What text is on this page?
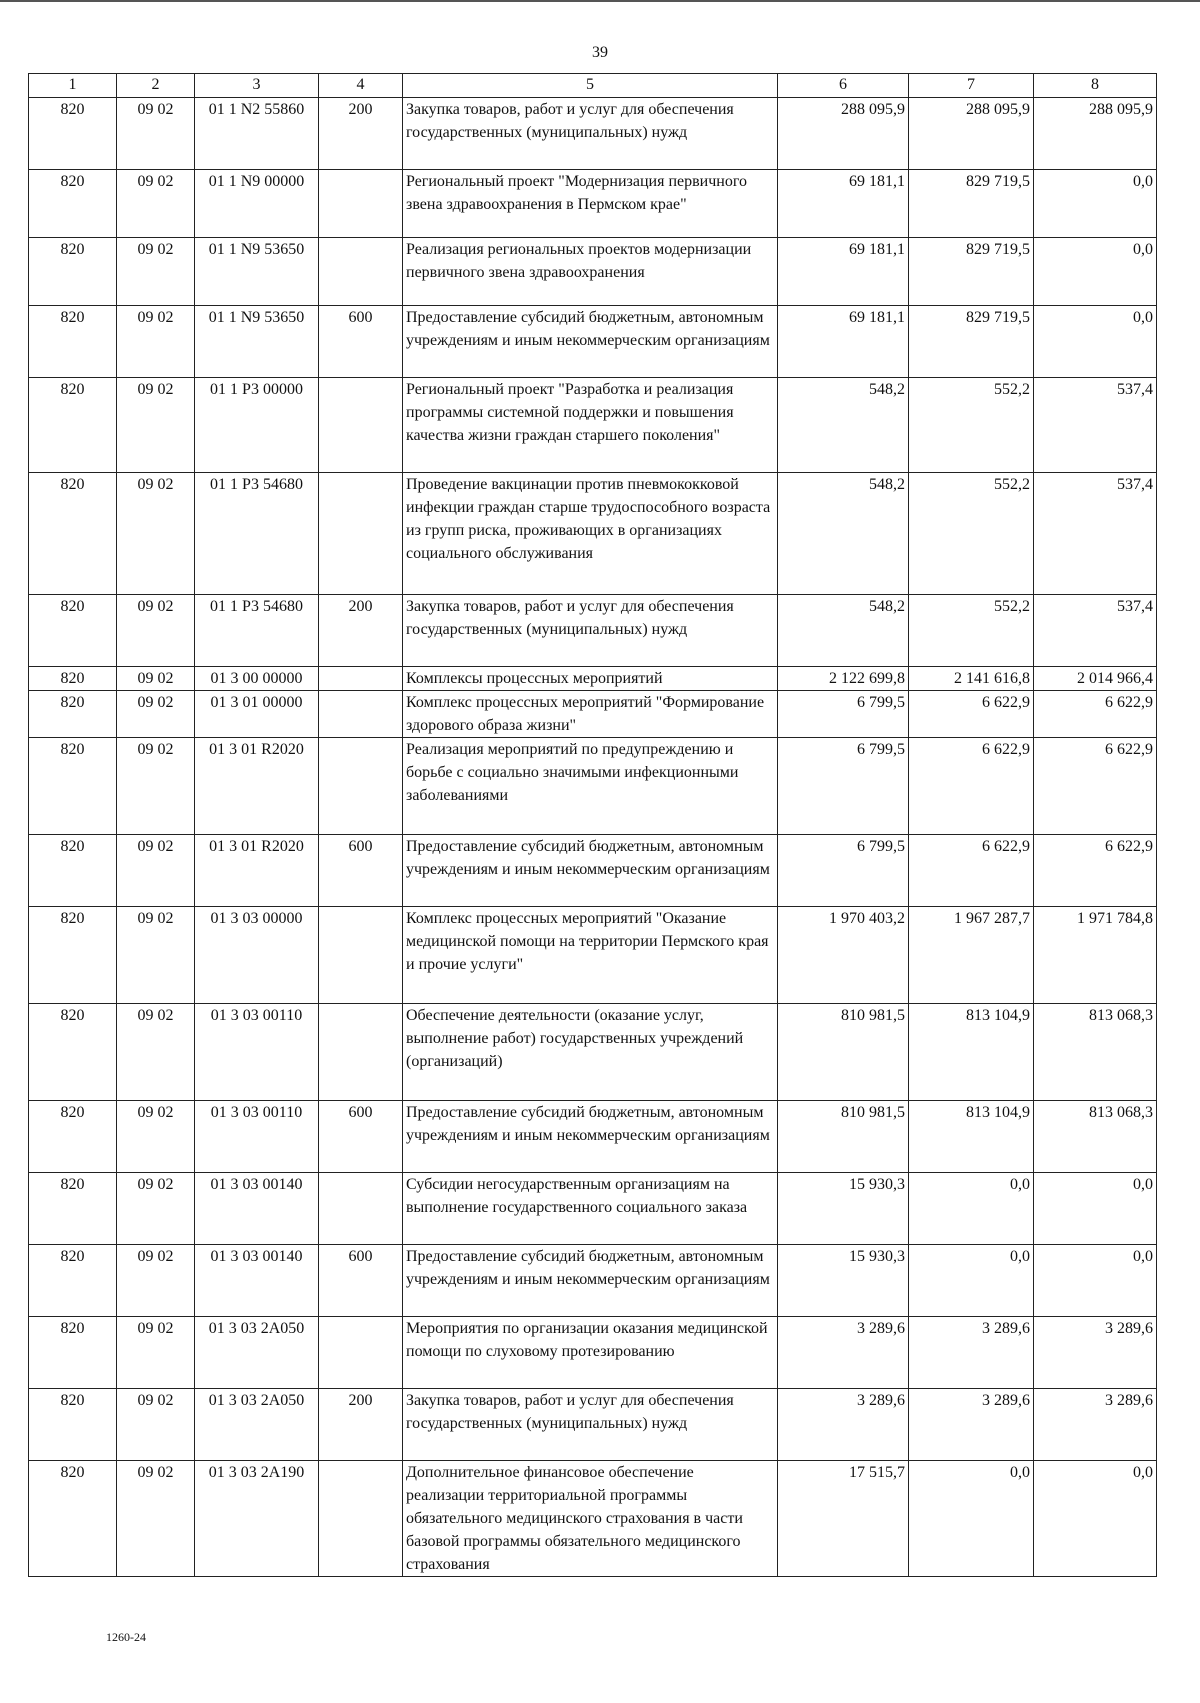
39
1	2	3	4	5	6	7	8
820	09 02	01 1 N2 55860	200	Закупка товаров, работ и услуг для обеспечения государственных (муниципальных) нужд	288 095,9	288 095,9	288 095,9
820	09 02	01 1 N9 00000		Региональный проект "Модернизация первичного звена здравоохранения в Пермском крае"	69 181,1	829 719,5	0,0
820	09 02	01 1 N9 53650		Реализация региональных проектов модернизации первичного звена здравоохранения	69 181,1	829 719,5	0,0
820	09 02	01 1 N9 53650	600	Предоставление субсидий бюджетным, автономным учреждениям и иным некоммерческим организациям	69 181,1	829 719,5	0,0
820	09 02	01 1 P3 00000		Региональный проект "Разработка и реализация программы системной поддержки и повышения качества жизни граждан старшего поколения"	548,2	552,2	537,4
820	09 02	01 1 P3 54680		Проведение вакцинации против пневмококковой инфекции граждан старше трудоспособного возраста из групп риска, проживающих в организациях социального обслуживания	548,2	552,2	537,4
820	09 02	01 1 P3 54680	200	Закупка товаров, работ и услуг для обеспечения государственных (муниципальных) нужд	548,2	552,2	537,4
820	09 02	01 3 00 00000		Комплексы процессных мероприятий	2 122 699,8	2 141 616,8	2 014 966,4
820	09 02	01 3 01 00000		Комплекс процессных мероприятий "Формирование здорового образа жизни"	6 799,5	6 622,9	6 622,9
820	09 02	01 3 01 R2020		Реализация мероприятий по предупреждению и борьбе с социально значимыми инфекционными заболеваниями	6 799,5	6 622,9	6 622,9
820	09 02	01 3 01 R2020	600	Предоставление субсидий бюджетным, автономным учреждениям и иным некоммерческим организациям	6 799,5	6 622,9	6 622,9
820	09 02	01 3 03 00000		Комплекс процессных мероприятий "Оказание медицинской помощи на территории Пермского края и прочие услуги"	1 970 403,2	1 967 287,7	1 971 784,8
820	09 02	01 3 03 00110		Обеспечение деятельности (оказание услуг, выполнение работ) государственных учреждений (организаций)	810 981,5	813 104,9	813 068,3
820	09 02	01 3 03 00110	600	Предоставление субсидий бюджетным, автономным учреждениям и иным некоммерческим организациям	810 981,5	813 104,9	813 068,3
820	09 02	01 3 03 00140		Субсидии негосударственным организациям на выполнение государственного социального заказа	15 930,3	0,0	0,0
820	09 02	01 3 03 00140	600	Предоставление субсидий бюджетным, автономным учреждениям и иным некоммерческим организациям	15 930,3	0,0	0,0
820	09 02	01 3 03 2A050		Мероприятия по организации оказания медицинской помощи по слуховому протезированию	3 289,6	3 289,6	3 289,6
820	09 02	01 3 03 2A050	200	Закупка товаров, работ и услуг для обеспечения государственных (муниципальных) нужд	3 289,6	3 289,6	3 289,6
820	09 02	01 3 03 2A190		Дополнительное финансовое обеспечение реализации территориальной программы обязательного медицинского страхования в части базовой программы обязательного медицинского страхования	17 515,7	0,0	0,0
1260-24
